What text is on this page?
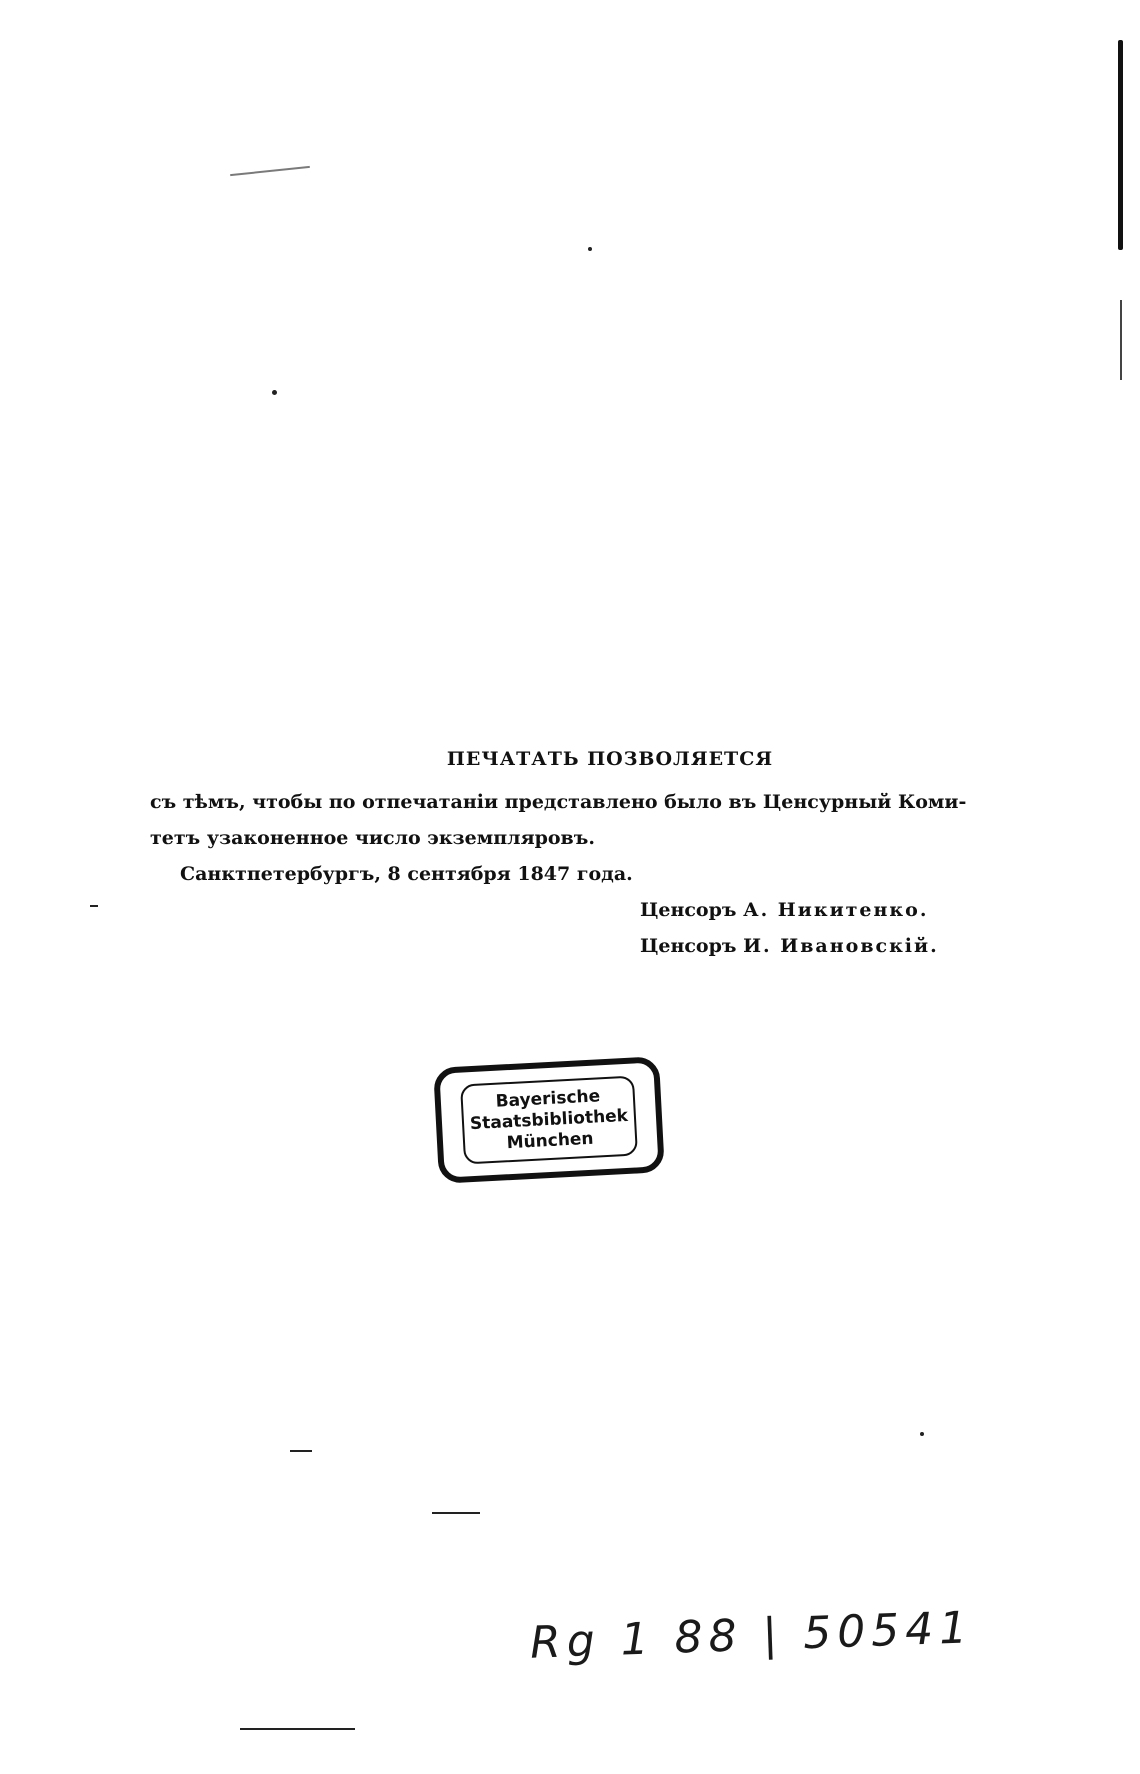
ПЕЧАТАТЬ ПОЗВОЛЯЕТСЯ

съ тѣмъ, чтобы по отпечатаніи представлено было въ Ценсурный Коми-

тетъ узаконенное число экземпляровъ.

Санктпетербургъ, 8 сентября 1847 года.

Ценсоръ А. Никитенко.

Ценсоръ И. Ивановскій.

Bayerische
Staatsbibliothek
München
Rg 1 88 | 50541
